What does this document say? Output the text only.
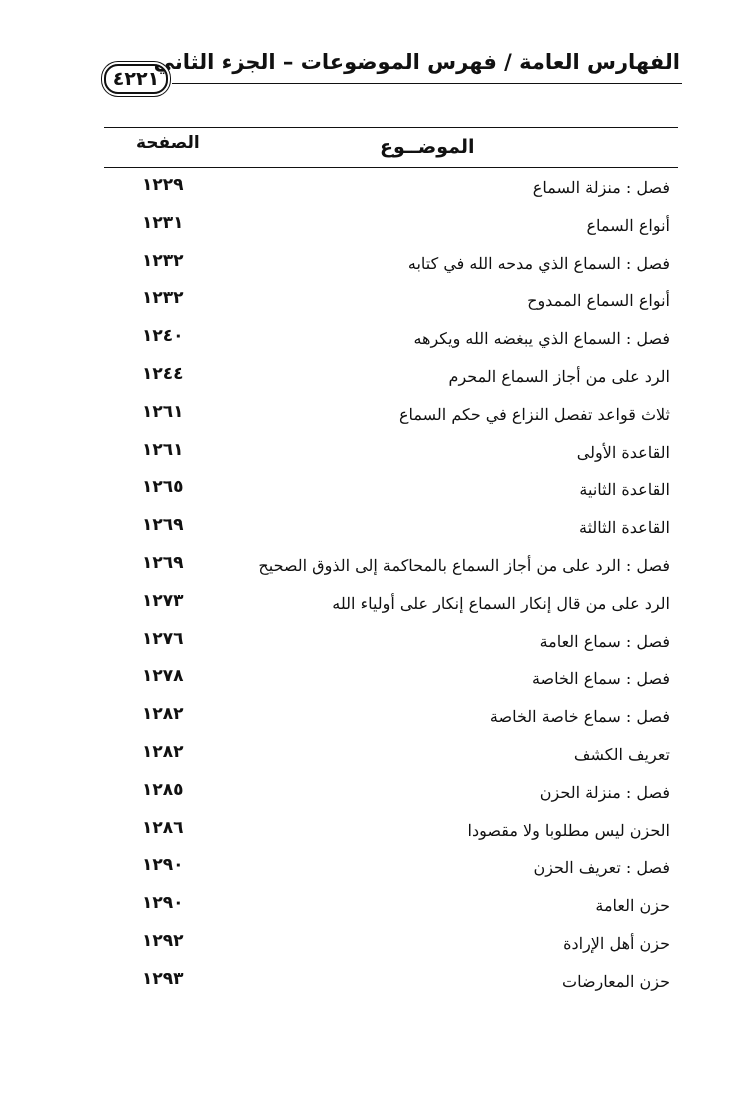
الفهارس العامة / فهرس الموضوعات – الجزء الثاني
٤٢٢١
الموضــوع
الصفحة
فصل : منزلة السماع
١٢٢٩
أنواع السماع
١٢٣١
فصل : السماع الذي مدحه الله في كتابه
١٢٣٢
أنواع السماع الممدوح
١٢٣٢
فصل : السماع الذي يبغضه الله ويكرهه
١٢٤٠
الرد على من أجاز السماع المحرم
١٢٤٤
ثلاث قواعد تفصل النزاع في حكم السماع
١٢٦١
القاعدة الأولى
١٢٦١
القاعدة الثانية
١٢٦٥
القاعدة الثالثة
١٢٦٩
فصل : الرد على من أجاز السماع بالمحاكمة إلى الذوق الصحيح
١٢٦٩
الرد على من قال إنكار السماع إنكار على أولياء الله
١٢٧٣
فصل : سماع العامة
١٢٧٦
فصل : سماع الخاصة
١٢٧٨
فصل : سماع خاصة الخاصة
١٢٨٢
تعريف الكشف
١٢٨٢
فصل : منزلة الحزن
١٢٨٥
الحزن ليس مطلوبا ولا مقصودا
١٢٨٦
فصل : تعريف الحزن
١٢٩٠
حزن العامة
١٢٩٠
حزن أهل الإرادة
١٢٩٢
حزن المعارضات
١٢٩٣
